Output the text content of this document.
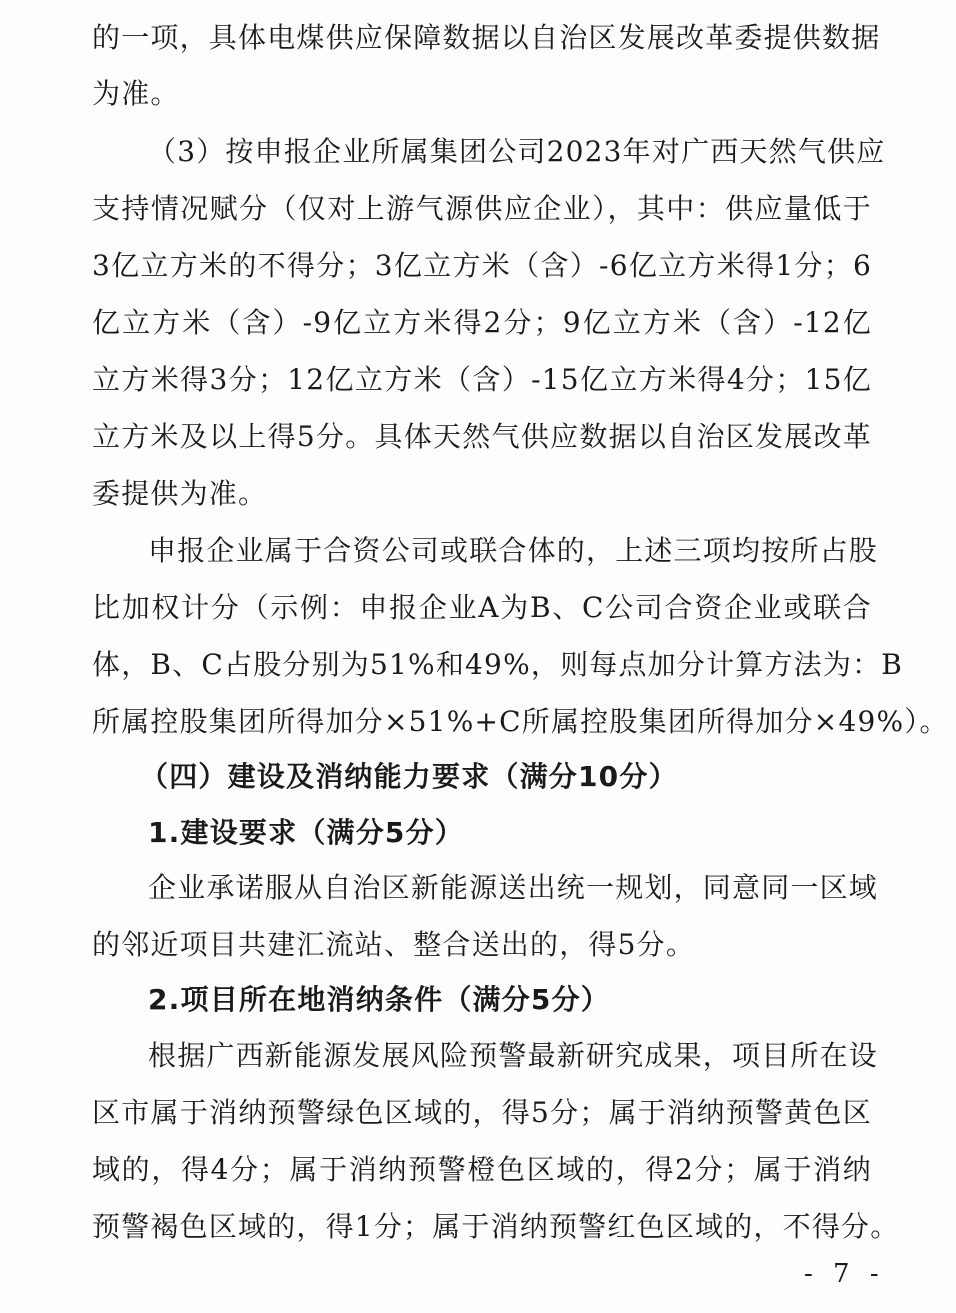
的一项，具体电煤供应保障数据以自治区发展改革委提供数据
为准。
（3）按申报企业所属集团公司2023年对广西天然气供应
支持情况赋分（仅对上游气源供应企业），其中：供应量低于
3亿立方米的不得分；3亿立方米（含）-6亿立方米得1分；6
亿立方米（含）-9亿立方米得2分；9亿立方米（含）-12亿
立方米得3分；12亿立方米（含）-15亿立方米得4分；15亿
立方米及以上得5分。具体天然气供应数据以自治区发展改革
委提供为准。
申报企业属于合资公司或联合体的，上述三项均按所占股
比加权计分（示例：申报企业A为B、C公司合资企业或联合
体，B、C占股分别为51%和49%，则每点加分计算方法为：B
所属控股集团所得加分×51%+C所属控股集团所得加分×49%）。
（四）建设及消纳能力要求（满分10分）
1.建设要求（满分5分）
企业承诺服从自治区新能源送出统一规划，同意同一区域
的邻近项目共建汇流站、整合送出的，得5分。
2.项目所在地消纳条件（满分5分）
根据广西新能源发展风险预警最新研究成果，项目所在设
区市属于消纳预警绿色区域的，得5分；属于消纳预警黄色区
域的，得4分；属于消纳预警橙色区域的，得2分；属于消纳
预警褐色区域的，得1分；属于消纳预警红色区域的，不得分。
- 7 -
